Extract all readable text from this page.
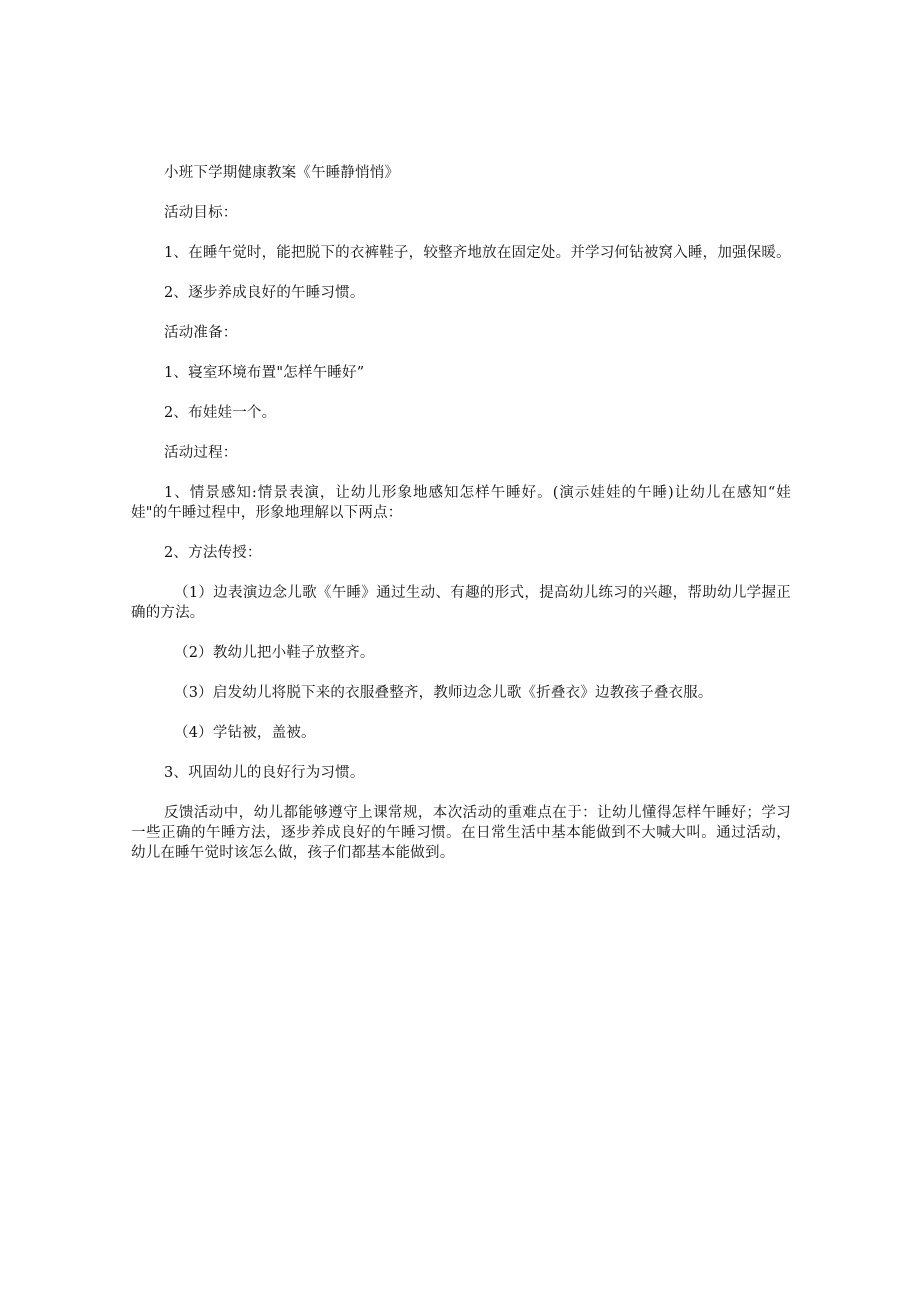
小班下学期健康教案《午睡静悄悄》

活动目标：

1、在睡午觉时，能把脱下的衣裤鞋子，较整齐地放在固定处。并学习何钻被窝入睡，加强保暖。

2、逐步养成良好的午睡习惯。

活动准备：

1、寝室环境布置"怎样午睡好”

2、布娃娃一个。

活动过程：

1、情景感知:情景表演，让幼儿形象地感知怎样午睡好。(演示娃娃的午睡)让幼儿在感知“娃娃"的午睡过程中，形象地理解以下两点：

2、方法传授：

（1）边表演边念儿歌《午睡》通过生动、有趣的形式，提高幼儿练习的兴趣，帮助幼儿学握正确的方法。

（2）教幼儿把小鞋子放整齐。

（3）启发幼儿将脱下来的衣服叠整齐，教师边念儿歌《折叠衣》边教孩子叠衣服。

（4）学钻被，盖被。

3、巩固幼儿的良好行为习惯。

反馈活动中，幼儿都能够遵守上课常规，本次活动的重难点在于：让幼儿懂得怎样午睡好；学习一些正确的午睡方法，逐步养成良好的午睡习惯。在日常生活中基本能做到不大喊大叫。通过活动，幼儿在睡午觉时该怎么做，孩子们都基本能做到。
